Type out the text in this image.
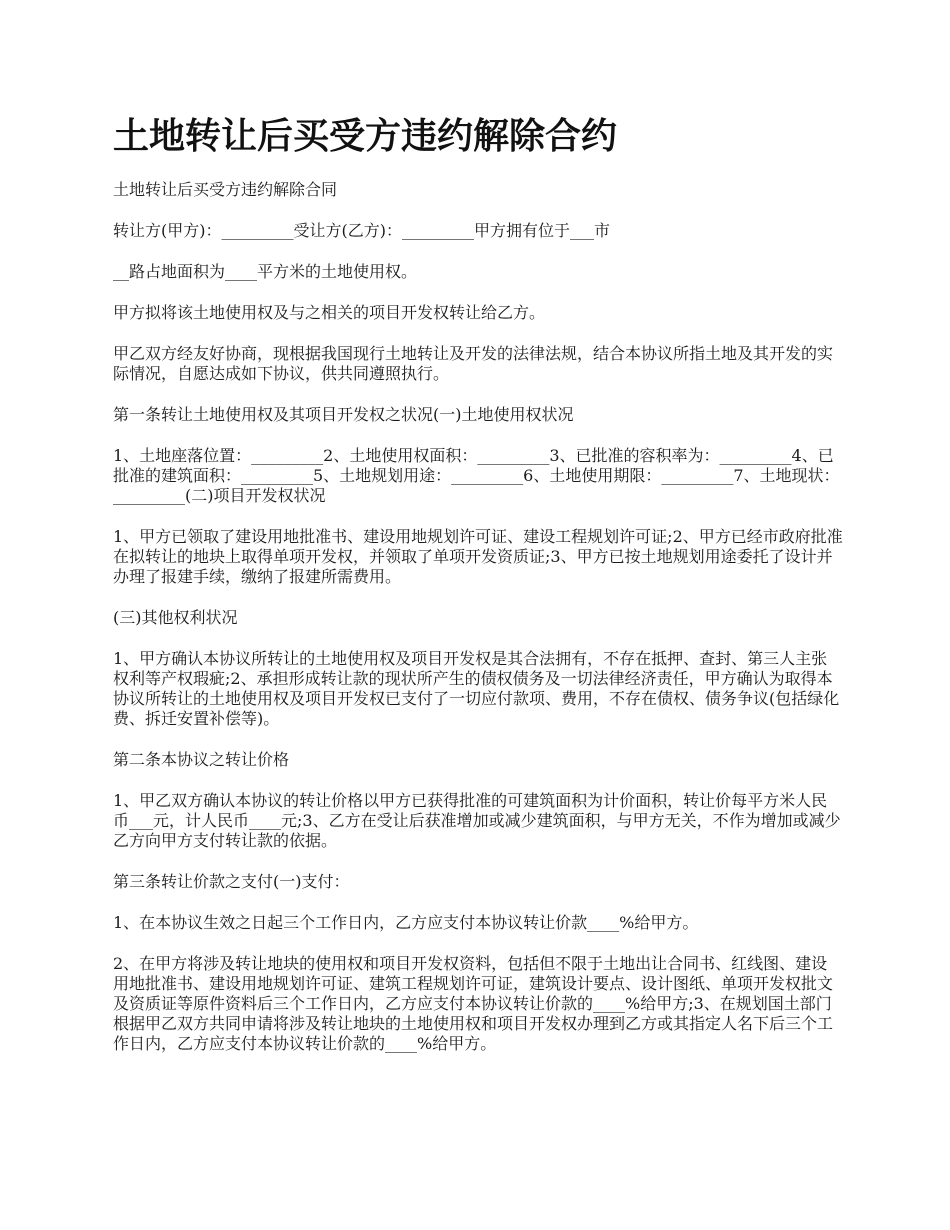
土地转让后买受方违约解除合约

土地转让后买受方违约解除合同

转让方(甲方)：_________受让方(乙方)：_________甲方拥有位于___市

__路占地面积为____平方米的土地使用权。

甲方拟将该土地使用权及与之相关的项目开发权转让给乙方。

甲乙双方经友好协商，现根据我国现行土地转让及开发的法律法规，结合本协议所指土地及其开发的实际情况，自愿达成如下协议，供共同遵照执行。

第一条转让土地使用权及其项目开发权之状况(一)土地使用权状况

1、土地座落位置：_________2、土地使用权面积：_________3、已批准的容积率为：_________4、已批准的建筑面积：_________5、土地规划用途：_________6、土地使用期限：_________7、土地现状：_________(二)项目开发权状况

1、甲方已领取了建设用地批准书、建设用地规划许可证、建设工程规划许可证;2、甲方已经市政府批准在拟转让的地块上取得单项开发权，并领取了单项开发资质证;3、甲方已按土地规划用途委托了设计并办理了报建手续，缴纳了报建所需费用。

(三)其他权利状况

1、甲方确认本协议所转让的土地使用权及项目开发权是其合法拥有，不存在抵押、查封、第三人主张权利等产权瑕疵;2、承担形成转让款的现状所产生的债权债务及一切法律经济责任，甲方确认为取得本协议所转让的土地使用权及项目开发权已支付了一切应付款项、费用，不存在债权、债务争议(包括绿化费、拆迁安置补偿等)。

第二条本协议之转让价格

1、甲乙双方确认本协议的转让价格以甲方已获得批准的可建筑面积为计价面积，转让价每平方米人民币___元，计人民币____元;3、乙方在受让后获准增加或减少建筑面积，与甲方无关，不作为增加或减少乙方向甲方支付转让款的依据。

第三条转让价款之支付(一)支付：

1、在本协议生效之日起三个工作日内，乙方应支付本协议转让价款____%给甲方。

2、在甲方将涉及转让地块的使用权和项目开发权资料，包括但不限于土地出让合同书、红线图、建设用地批准书、建设用地规划许可证、建筑工程规划许可证，建筑设计要点、设计图纸、单项开发权批文及资质证等原件资料后三个工作日内，乙方应支付本协议转让价款的____%给甲方;3、在规划国土部门根据甲乙双方共同申请将涉及转让地块的土地使用权和项目开发权办理到乙方或其指定人名下后三个工作日内，乙方应支付本协议转让价款的____%给甲方。
